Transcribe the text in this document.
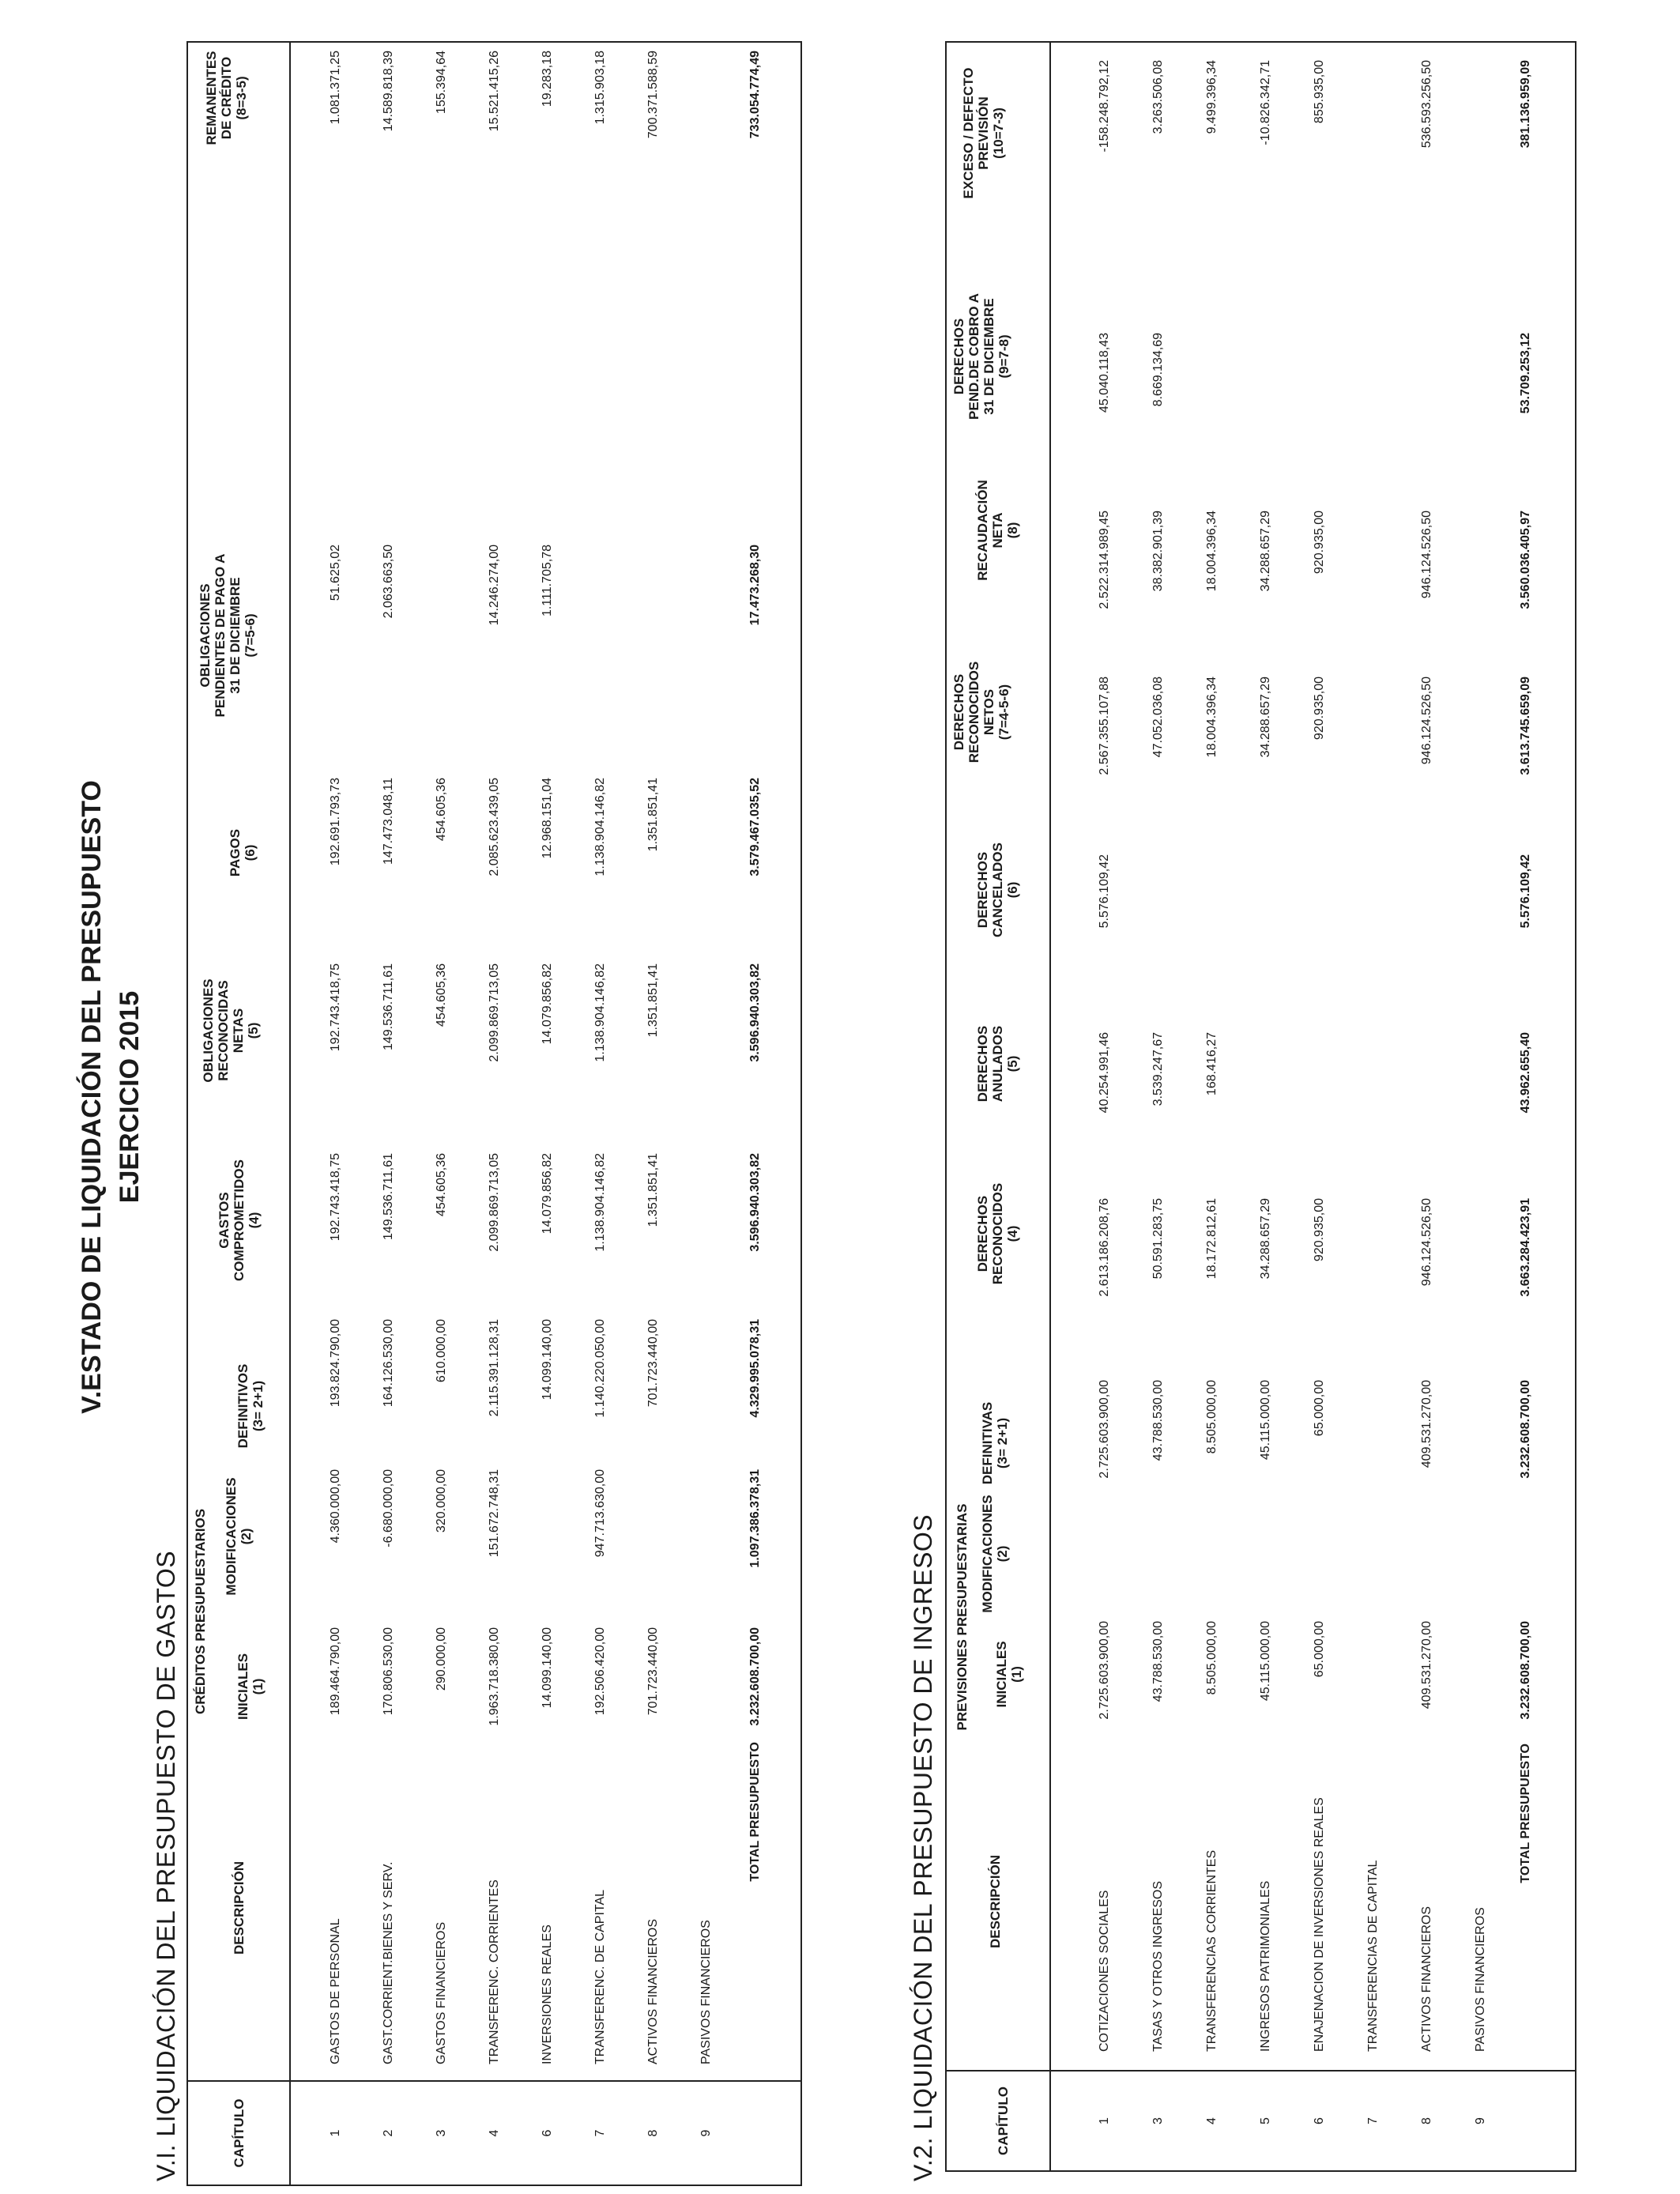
V.ESTADO DE LIQUIDACIÓN DEL PRESUPUESTO EJERCICIO 2015
V.I. LIQUIDACIÓN DEL PRESUPUESTO DE GASTOS CRÉDITOS PRESUPUESTARIOS
CAPÍTULO
DESCRIPCIÓN
INICIALES
(1)
MODIFICACIONES
(2)
DEFINITIVOS
(3= 2+1)
GASTOS
COMPROMETIDOS
(4)
OBLIGACIONES
RECONOCIDAS
NETAS
(5)
PAGOS
(6)
OBLIGACIONES
PENDIENTES DE PAGO A
31 DE DICIEMBRE
(7=5-6)
REMANENTES
DE CRÉDITO
(8=3-5)
1
GASTOS DE PERSONAL
189.464.790,00
4.360.000,00
193.824.790,00
192.743.418,75
192.743.418,75
192.691.793,73
51.625,02
1.081.371,25
2
GAST.CORRIENT.BIENES Y SERV.
170.806.530,00
-6.680.000,00
164.126.530,00
149.536.711,61
149.536.711,61
147.473.048,11
2.063.663,50
14.589.818,39
3
GASTOS FINANCIEROS
290.000,00
320.000,00
610.000,00
454.605,36
454.605,36
454.605,36
155.394,64
4
TRANSFERENC. CORRIENTES
1.963.718.380,00
151.672.748,31
2.115.391.128,31
2.099.869.713,05
2.099.869.713,05
2.085.623.439,05
14.246.274,00
15.521.415,26
6
INVERSIONES REALES
14.099.140,00
14.099.140,00
14.079.856,82
14.079.856,82
12.968.151,04
1.111.705,78
19.283,18
7
TRANSFERENC. DE CAPITAL
192.506.420,00
947.713.630,00
1.140.220.050,00
1.138.904.146,82
1.138.904.146,82
1.138.904.146,82
1.315.903,18
8
ACTIVOS FINANCIEROS
701.723.440,00
701.723.440,00
1.351.851,41
1.351.851,41
1.351.851,41
700.371.588,59
9
PASIVOS FINANCIEROS
TOTAL PRESUPUESTO
3.232.608.700,00
1.097.386.378,31
4.329.995.078,31
3.596.940.303,82
3.596.940.303,82
3.579.467.035,52
17.473.268,30
733.054.774,49
V.2. LIQUIDACIÓN DEL PRESUPUESTO DE INGRESOS PREVISIONES PRESUPUESTARIAS
CAPÍTULO
DESCRIPCIÓN
INICIALES
(1)
MODIFICACIONES
(2)
DEFINITIVAS
(3= 2+1)
DERECHOS
RECONOCIDOS
(4)
DERECHOS
ANULADOS
(5)
DERECHOS
CANCELADOS
(6)
DERECHOS
RECONOCIDOS
NETOS
(7=4-5-6)
RECAUDACIÓN
NETA
(8)
DERECHOS
PEND.DE COBRO A
31 DE DICIEMBRE
(9=7-8)
EXCESO / DEFECTO
PREVISIÓN
(10=7-3)
1
COTIZACIONES SOCIALES
2.725.603.900,00
2.725.603.900,00
2.613.186.208,76
40.254.991,46
5.576.109,42
2.567.355.107,88
2.522.314.989,45
45.040.118,43
-158.248.792,12
3
TASAS Y OTROS INGRESOS
43.788.530,00
43.788.530,00
50.591.283,75
3.539.247,67
47.052.036,08
38.382.901,39
8.669.134,69
3.263.506,08
4
TRANSFERENCIAS CORRIENTES
8.505.000,00
8.505.000,00
18.172.812,61
168.416,27
18.004.396,34
18.004.396,34
9.499.396,34
5
INGRESOS PATRIMONIALES
45.115.000,00
45.115.000,00
34.288.657,29
34.288.657,29
34.288.657,29
-10.826.342,71
6
ENAJENACION DE INVERSIONES REALES
65.000,00
65.000,00
920.935,00
920.935,00
920.935,00
855.935,00
7
TRANSFERENCIAS DE CAPITAL
8
ACTIVOS FINANCIEROS
409.531.270,00
409.531.270,00
946.124.526,50
946.124.526,50
946.124.526,50
536.593.256,50
9
PASIVOS FINANCIEROS
TOTAL PRESUPUESTO
3.232.608.700,00
3.232.608.700,00
3.663.284.423,91
43.962.655,40
5.576.109,42
3.613.745.659,09
3.560.036.405,97
53.709.253,12
381.136.959,09
